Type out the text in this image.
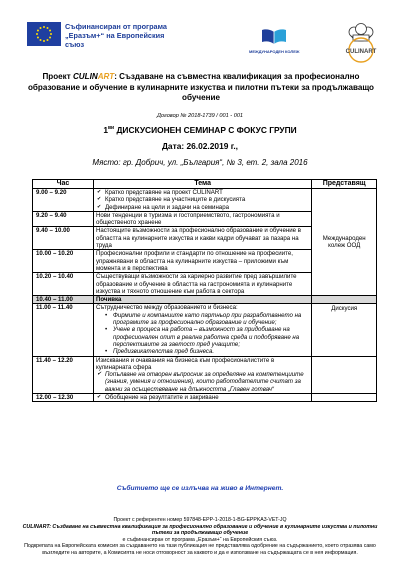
Съфинансиран от програма „Еразъм+“ на Европейския съюз
МЕЖДУНАРОДЕН КОЛЕЖ	CULINART
Проект CULINART: Създаване на съвместна квалификация за професионално образование и обучение в кулинарните изкуства и пилотни пътеки за продължаващо обучение
Договор № 2018-1739 / 001 - 001
$1^{ви}$ ДИСКУСИОНЕН СЕМИНАР С ФОКУС ГРУПИ
Дата: 26.02.2019 г.,
Място: гр. Добрич, ул. „България“, № 3, ет. 2, зала 2016
Час	Тема	Представящ
9.00 – 9.20	✔ Кратко представяне на проект CULINART
✔ Кратко представяне на участниците в дискусията
✔ Дефиниране на цели и задачи на семинара	Международен колеж ООД
9.20 – 9.40	Нови тенденции в туризма и гостоприемството, гастрономията и общественото хранене	
9.40 – 10.00	Настоящите възможности за професионално образование и обучение в областта на кулинарните изкуства и какви кадри обучават за пазара на труда	
10.00 – 10.20	Професионални профили и стандарти по отношение на професиите, упражнявани в областта на кулинарните изкуства – приложими към момента и в перспектива	
10.20 – 10.40	Съществуващи възможности за кариерно развитие пред завършилите образование и обучение в областта на гастрономията и кулинарните изкуства и тяхното отношение към работа в сектора	
10.40 – 11.00	Почивка	
11.00 – 11.40	Сътрудничество между образованието и бизнеса:
• Фирмите и компаниите като партньор при разработването на програмите за професионално образование и обучение;
• Учене в процеса на работа – възможност за придобиване на професионален опит в реална работна среда и подобряване на перспективите за заетост пред учащите;
• Предизвикателства пред бизнеса.	Дискусия
11.40 – 12.20	Изисквания и очаквания на бизнеса към професионалистите в кулинарната сфера
✔ Попълване на отворен въпросник за определяне на компетенциите (знания, умения и отношения), които работодателите считат за важни за осъществяване на длъжността „Главен готвач“

12.00 – 12.30	✔ Обобщение на резултатите и закриване

Събитието ще се излъчва на живо в Интернет.
Проект с референтен номер 597848-EPP-1-2018-1-BG-EPPKA3-VET-JQ
CULINART: Създаване на съвместна квалификация за професионално образование и обучение в кулинарните изкуства и пилотни пътеки за продължаващо обучение
е съфинансиран от програма „Еразъм+“ на Европейския съюз.
Подкрепата на Европейската комисия за създаването на тази публикация не представлява одобрение на съдържанието, което отразява само възгледите на авторите, а Комисията не носи отговорност за каквото и да е използване на съдържащата се в нея информация.
